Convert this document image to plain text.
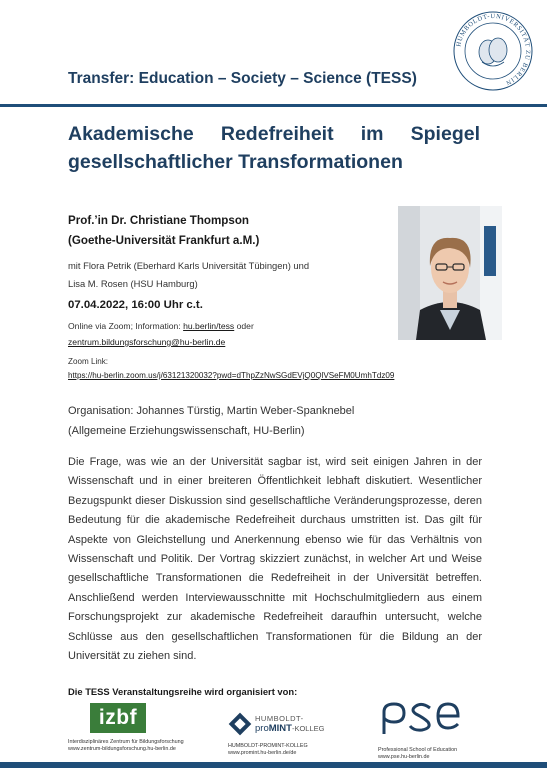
Transfer: Education – Society – Science (TESS)
HUMBOLDT-UNIVERSITÄT ZU BERLIN
Akademische Redefreiheit im Spiegel
gesellschaftlicher Transformationen
Prof.’in Dr. Christiane Thompson
(Goethe-Universität Frankfurt a.M.)
mit Flora Petrik (Eberhard Karls Universität Tübingen) und
Lisa M. Rosen (HSU Hamburg)
07.04.2022, 16:00 Uhr c.t.
Online via Zoom; Information: hu.berlin/tess oder
zentrum.bildungsforschung@hu-berlin.de
Zoom Link:
https://hu-berlin.zoom.us/j/63121320032?pwd=dThpZzNwSGdEVjQ0QlVSeFM0UmhTdz09
Organisation: Johannes Türstig, Martin Weber-Spanknebel
(Allgemeine Erziehungswissenschaft, HU-Berlin)
Die Frage, was wie an der Universität sagbar ist, wird seit einigen Jahren in der Wissenschaft und in einer breiteren Öffentlichkeit lebhaft diskutiert. Wesentlicher Bezugspunkt dieser Diskussion sind gesellschaftliche Veränderungsprozesse, deren Bedeutung für die akademische Redefreiheit durchaus umstritten ist. Das gilt für Aspekte von Gleichstellung und Anerkennung ebenso wie für das Verhältnis von Wissenschaft und Politik. Der Vortrag skizziert zunächst, in welcher Art und Weise gesellschaftliche Transformationen die Redefreiheit in der Universität betreffen. Anschließend werden Interviewausschnitte mit Hochschulmitgliedern aus einem Forschungsprojekt zur akademische Redefreiheit daraufhin untersucht, welche Schlüsse aus den gesellschaftlichen Transformationen für die Bildung an der Universität zu ziehen sind.
Die TESS Veranstaltungsreihe wird organisiert von:
izbf
Interdisziplinäres Zentrum für Bildungsforschung
www.zentrum-bildungsforschung.hu-berlin.de
HUMBOLDT-
proMINT-KOLLEG
HUMBOLDT-PROMINT-KOLLEG
www.promint.hu-berlin.de/de	Professional School of Education
www.pse.hu-berlin.de
